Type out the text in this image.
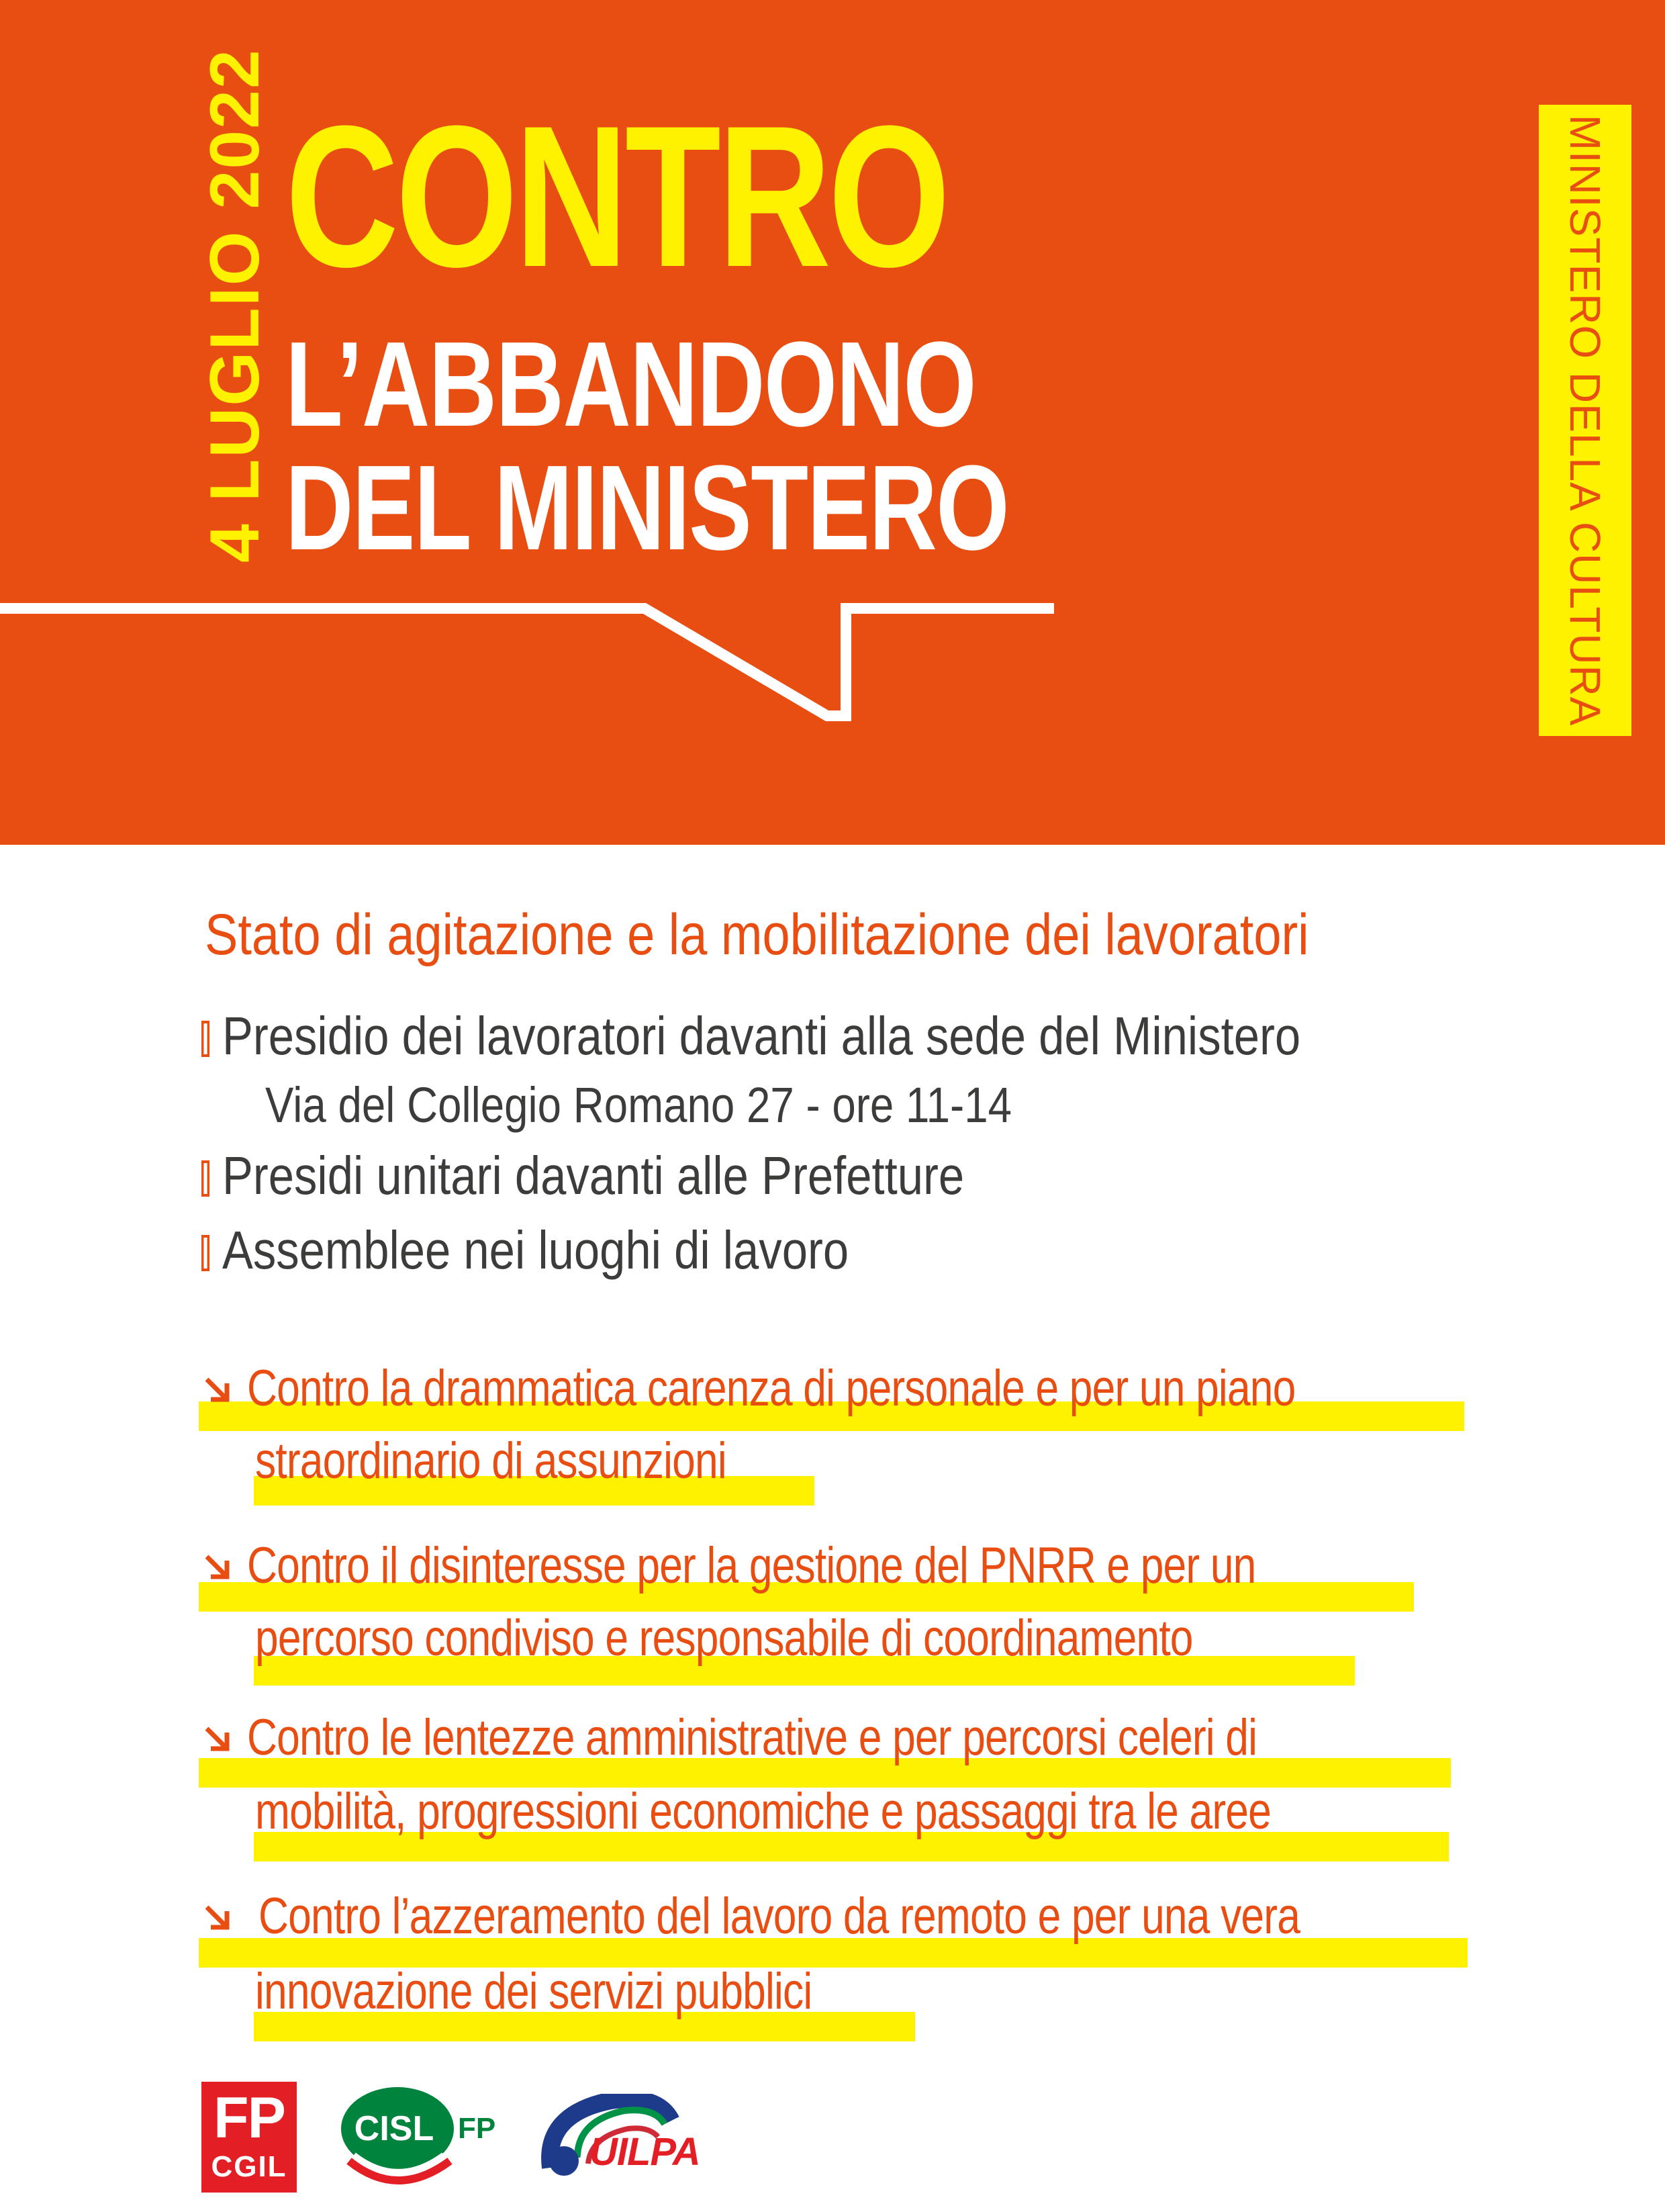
4 LUGLIO 2022 CONTRO
L’ABBANDONO
DEL MINISTERO	MINISTERO DELLA CULTURA
Stato di agitazione e la mobilitazione dei lavoratori
Presidio dei lavoratori davanti alla sede del Ministero
Via del Collegio Romano 27 - ore 11-14
Presidi unitari davanti alle Prefetture
Assemblee nei luoghi di lavoro
Contro la drammatica carenza di personale e per un piano
straordinario di assunzioni
Contro il disinteresse per la gestione del PNRR e per un
percorso condiviso e responsabile di coordinamento
Contro le lentezze amministrative e per percorsi celeri di
mobilità, progressioni economiche e passaggi tra le aree
Contro l’azzeramento del lavoro da remoto e per una vera
innovazione dei servizi pubblici
FP
CGIL
CISL FP
UILPA
